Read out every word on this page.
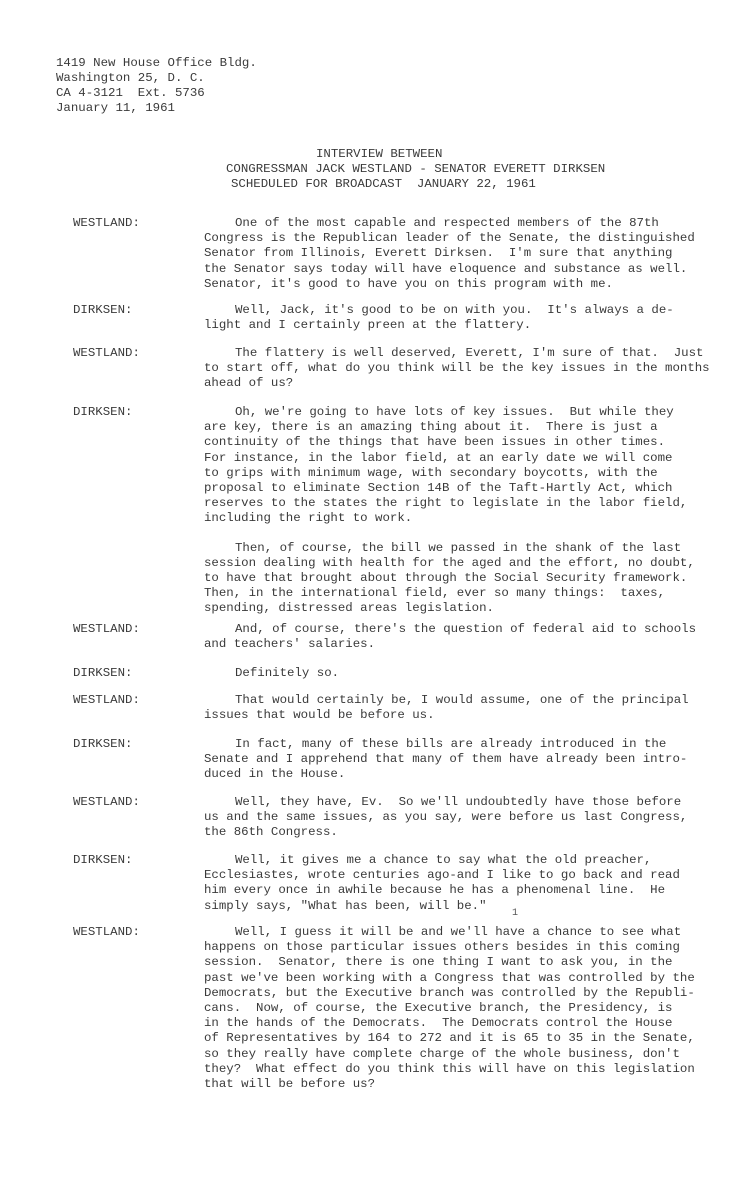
1419 New House Office Bldg.
Washington 25, D. C.
CA 4-3121  Ext. 5736
January 11, 1961
INTERVIEW BETWEEN
CONGRESSMAN JACK WESTLAND - SENATOR EVERETT DIRKSEN
SCHEDULED FOR BROADCAST  JANUARY 22, 1961
WESTLAND:	One of the most capable and respected members of the 87th
Congress is the Republican leader of the Senate, the distinguished
Senator from Illinois, Everett Dirksen.  I'm sure that anything
the Senator says today will have eloquence and substance as well.
Senator, it's good to have you on this program with me.
DIRKSEN:	Well, Jack, it's good to be on with you.  It's always a de-
light and I certainly preen at the flattery.
WESTLAND:	The flattery is well deserved, Everett, I'm sure of that.  Just
to start off, what do you think will be the key issues in the months
ahead of us?
DIRKSEN:	Oh, we're going to have lots of key issues.  But while they
are key, there is an amazing thing about it.  There is just a
continuity of the things that have been issues in other times.
For instance, in the labor field, at an early date we will come
to grips with minimum wage, with secondary boycotts, with the
proposal to eliminate Section 14B of the Taft-Hartly Act, which
reserves to the states the right to legislate in the labor field,
including the right to work.
Then, of course, the bill we passed in the shank of the last
session dealing with health for the aged and the effort, no doubt,
to have that brought about through the Social Security framework.
Then, in the international field, ever so many things:  taxes,
spending, distressed areas legislation.
WESTLAND:	And, of course, there's the question of federal aid to schools
and teachers' salaries.
DIRKSEN:	Definitely so.
WESTLAND:	That would certainly be, I would assume, one of the principal
issues that would be before us.
DIRKSEN:	In fact, many of these bills are already introduced in the
Senate and I apprehend that many of them have already been intro-
duced in the House.
WESTLAND:	Well, they have, Ev.  So we'll undoubtedly have those before
us and the same issues, as you say, were before us last Congress,
the 86th Congress.
DIRKSEN:	Well, it gives me a chance to say what the old preacher,
Ecclesiastes, wrote centuries ago-and I like to go back and read
him every once in awhile because he has a phenomenal line.  He
simply says, "What has been, will be."
WESTLAND:	Well, I guess it will be and we'll have a chance to see what
happens on those particular issues others besides in this coming
session.  Senator, there is one thing I want to ask you, in the
past we've been working with a Congress that was controlled by the
Democrats, but the Executive branch was controlled by the Republi-
cans.  Now, of course, the Executive branch, the Presidency, is
in the hands of the Democrats.  The Democrats control the House
of Representatives by 164 to 272 and it is 65 to 35 in the Senate,
so they really have complete charge of the whole business, don't
they?  What effect do you think this will have on this legislation
that will be before us?
1
